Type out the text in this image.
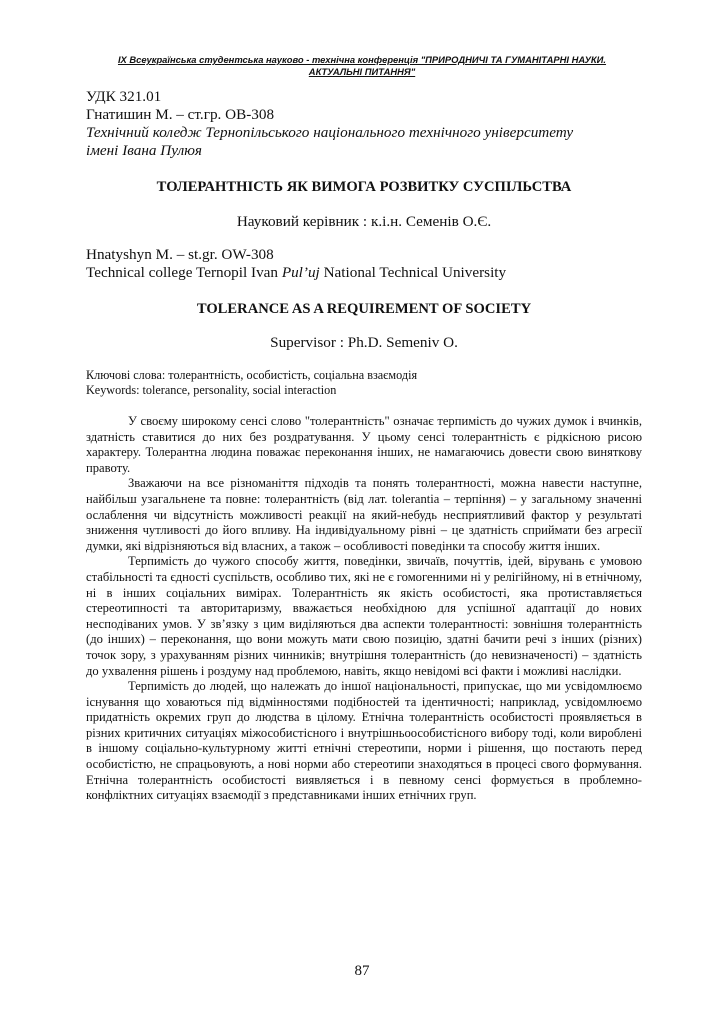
IX Всеукраїнська студентська науково - технічна конференція "ПРИРОДНИЧІ ТА ГУМАНІТАРНІ НАУКИ.
АКТУАЛЬНІ ПИТАННЯ"
УДК 321.01
Гнатишин М. – ст.гр. ОВ-308
Технічний коледж Тернопільського національного технічного університету
імені Івана Пулюя
ТОЛЕРАНТНІСТЬ ЯК ВИМОГА РОЗВИТКУ СУСПІЛЬСТВА
Науковий керівник : к.і.н. Семенів О.Є.
Hnatyshyn M. – st.gr. OW-308
Technical college Ternopil Ivan Pul’uj National Technical University
TOLERANCE AS A REQUIREMENT OF SOCIETY
Supervisor : Ph.D. Semeniv O.
Ключові слова: толерантність, особистість, соціальна взаємодія
Keywords: tolerance, personality, social interaction

У своєму широкому сенсі слово "толерантність" означає терпимість до чужих думок і вчинків, здатність ставитися до них без роздратування. У цьому сенсі толерантність є рідкісною рисою характеру. Толерантна людина поважає переконання інших, не намагаючись довести свою виняткову правоту.

Зважаючи на все різноманіття підходів та понять толерантності, можна навести наступне, найбільш узагальнене та повне: толерантність (від лат. tolerantia – терпіння) – у загальному значенні ослаблення чи відсутність можливості реакції на який-небудь несприятливий фактор у результаті зниження чутливості до його впливу. На індивідуальному рівні – це здатність сприймати без агресії думки, які відрізняються від власних, а також – особливості поведінки та способу життя інших.

Терпимість до чужого способу життя, поведінки, звичаїв, почуттів, ідей, вірувань є умовою стабільності та єдності суспільств, особливо тих, які не є гомогенними ні у релігійному, ні в етнічному, ні в інших соціальних вимірах. Толерантність як якість особистості, яка протиставляється стереотипності та авторитаризму, вважається необхідною для успішної адаптації до нових несподіваних умов. У зв’язку з цим виділяються два аспекти толерантності: зовнішня толерантність (до інших) – переконання, що вони можуть мати свою позицію, здатні бачити речі з інших (різних) точок зору, з урахуванням різних чинників; внутрішня толерантність (до невизначеності) – здатність до ухвалення рішень і роздуму над проблемою, навіть, якщо невідомі всі факти і можливі наслідки.

Терпимість до людей, що належать до іншої національності, припускає, що ми усвідомлюємо існування що ховаються під відмінностями подібностей та ідентичності; наприклад, усвідомлюємо придатність окремих груп до людства в цілому. Етнічна толерантність особистості проявляється в різних критичних ситуаціях міжособистісного і внутрішньоособистісного вибору тоді, коли вироблені в іншому соціально-культурному житті етнічні стереотипи, норми і рішення, що постають перед особистістю, не спрацьовують, а нові норми або стереотипи знаходяться в процесі свого формування. Етнічна толерантність особистості виявляється і в певному сенсі формується в проблемно-конфліктних ситуаціях взаємодії з представниками інших етнічних груп.

87
